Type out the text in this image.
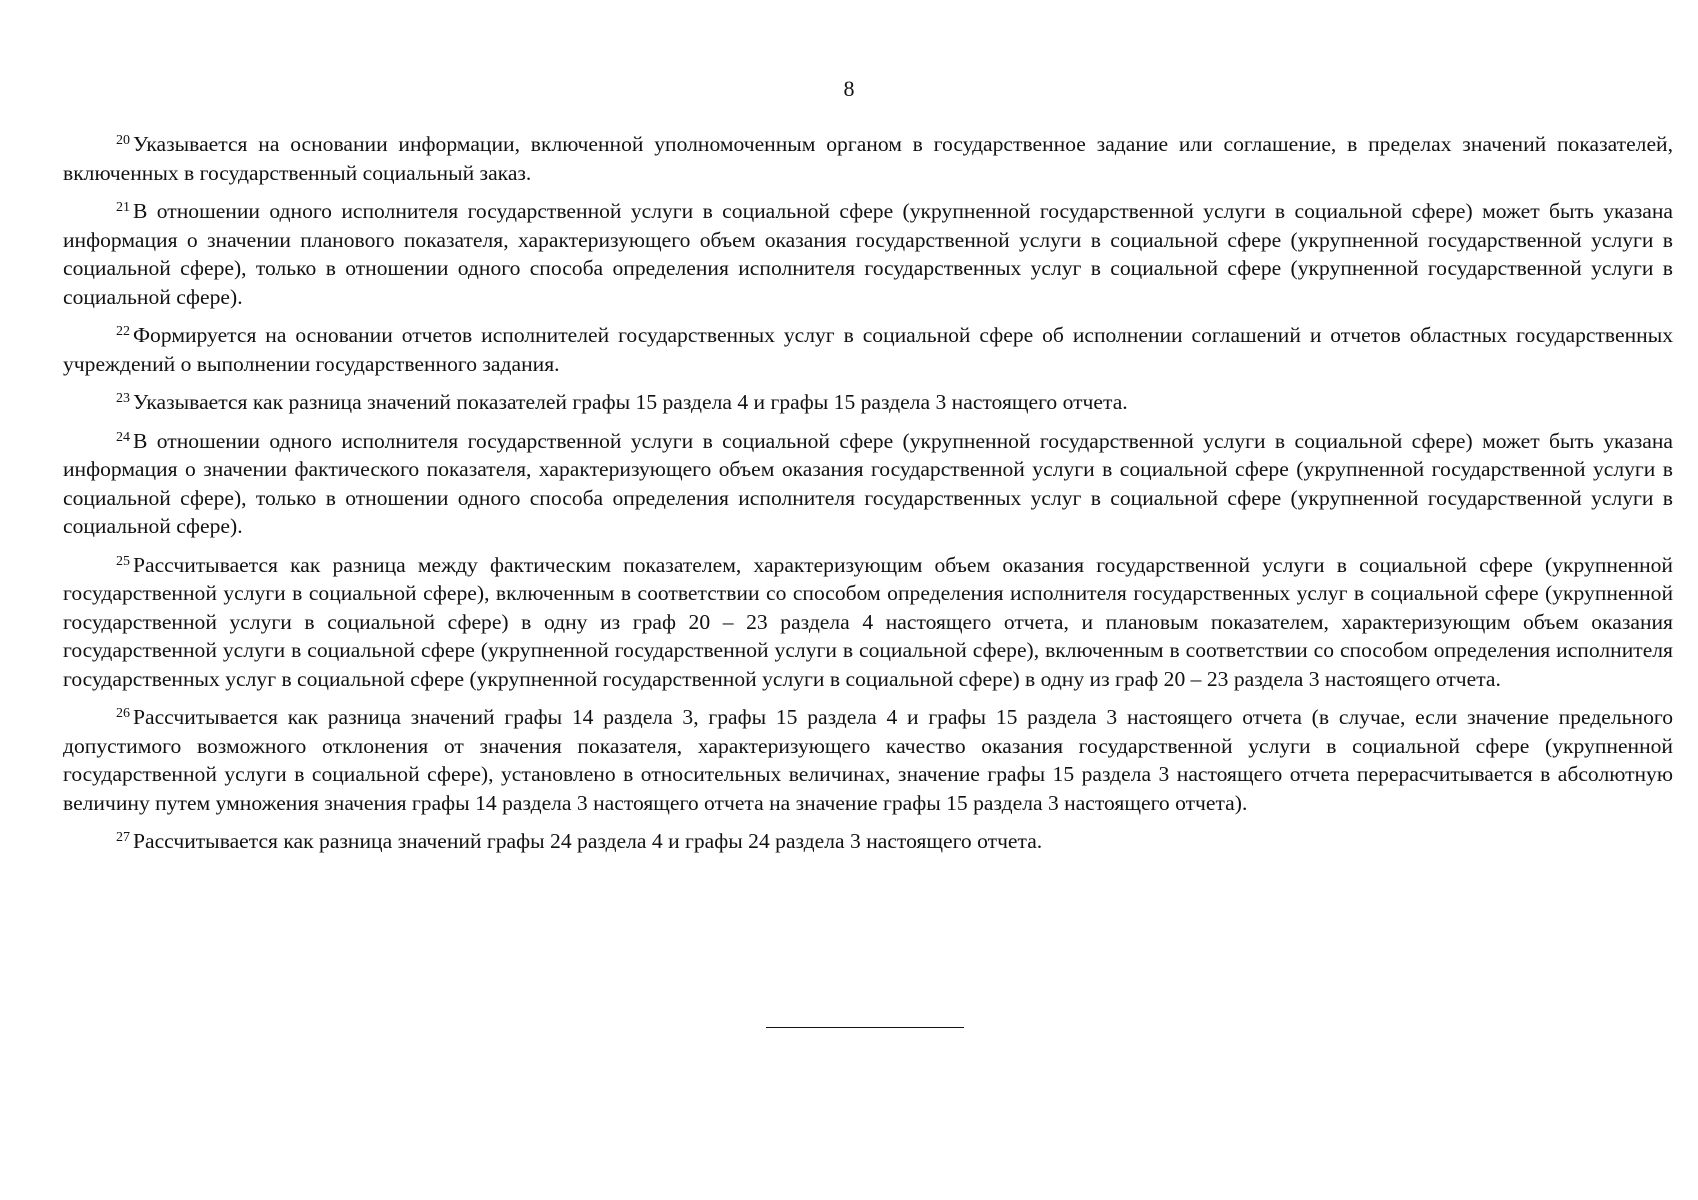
8

$^{20}$ Указывается на основании информации, включенной уполномоченным органом в государственное задание или соглашение, в пределах значений показателей, включенных в государственный социальный заказ.

$^{21}$ В отношении одного исполнителя государственной услуги в социальной сфере (укрупненной государственной услуги в социальной сфере) может быть указана информация о значении планового показателя, характеризующего объем оказания государственной услуги в социальной сфере (укрупненной государственной услуги в социальной сфере), только в отношении одного способа определения исполнителя государственных услуг в социальной сфере (укрупненной государственной услуги в социальной сфере).

$^{22}$ Формируется на основании отчетов исполнителей государственных услуг в социальной сфере об исполнении соглашений и отчетов областных государственных учреждений о выполнении государственного задания.

$^{23}$ Указывается как разница значений показателей графы 15 раздела 4 и графы 15 раздела 3 настоящего отчета.

$^{24}$ В отношении одного исполнителя государственной услуги в социальной сфере (укрупненной государственной услуги в социальной сфере) может быть указана информация о значении фактического показателя, характеризующего объем оказания государственной услуги в социальной сфере (укрупненной государственной услуги в социальной сфере), только в отношении одного способа определения исполнителя государственных услуг в социальной сфере (укрупненной государственной услуги в социальной сфере).

$^{25}$ Рассчитывается как разница между фактическим показателем, характеризующим объем оказания государственной услуги в социальной сфере (укрупненной государственной услуги в социальной сфере), включенным в соответствии со способом определения исполнителя государственных услуг в социальной сфере (укрупненной государственной услуги в социальной сфере) в одну из граф 20 – 23 раздела 4 настоящего отчета, и плановым показателем, характеризующим объем оказания государственной услуги в социальной сфере (укрупненной государственной услуги в социальной сфере), включенным в соответствии со способом определения исполнителя государственных услуг в социальной сфере (укрупненной государственной услуги в социальной сфере) в одну из граф 20 – 23 раздела 3 настоящего отчета.

$^{26}$ Рассчитывается как разница значений графы 14 раздела 3, графы 15 раздела 4 и графы 15 раздела 3 настоящего отчета (в случае, если значение предельного допустимого возможного отклонения от значения показателя, характеризующего качество оказания государственной услуги в социальной сфере (укрупненной государственной услуги в социальной сфере), установлено в относительных величинах, значение графы 15 раздела 3 настоящего отчета перерасчитывается в абсолютную величину путем умножения значения графы 14 раздела 3 настоящего отчета на значение графы 15 раздела 3 настоящего отчета).

$^{27}$ Рассчитывается как разница значений графы 24 раздела 4 и графы 24 раздела 3 настоящего отчета.
